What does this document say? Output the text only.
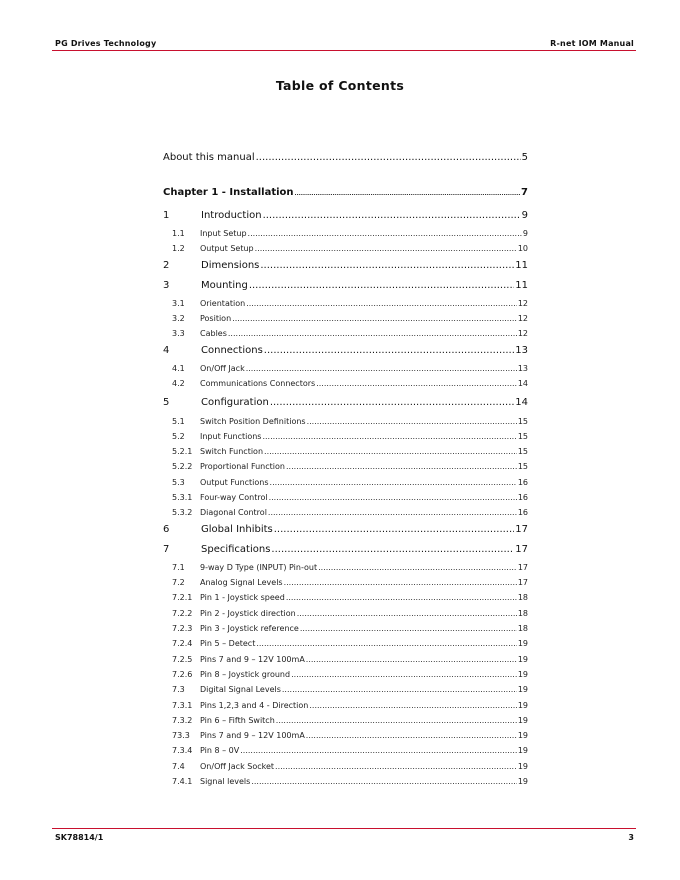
PG Drives Technology	R-net IOM Manual
Table of Contents
About this manual .....	5
Chapter 1 - Installation .....	7
1	Introduction .....	9
1.1	Input Setup .....	9
1.2	Output Setup .....	10
2	Dimensions .....	11
3	Mounting .....	11
3.1	Orientation .....	12
3.2	Position .....	12
3.3	Cables .....	12
4	Connections .....	13
4.1	On/Off Jack .....	13
4.2	Communications Connectors .....	14
5	Configuration .....	14
5.1	Switch Position Definitions .....	15
5.2	Input Functions .....	15
5.2.1 Switch Function .....	15
5.2.2 Proportional Function .....	15
5.3	Output Functions .....	16
5.3.1 Four-way Control .....	16
5.3.2 Diagonal Control .....	16
6	Global Inhibits .....	17
7	Specifications .....	17
7.1	9-way D Type (INPUT) Pin-out .....	17
7.2	Analog Signal Levels .....	17
7.2.1 Pin 1 - Joystick speed .....	18
7.2.2 Pin 2 - Joystick direction .....	18
7.2.3 Pin 3 - Joystick reference .....	18
7.2.4 Pin 5 – Detect .....	19
7.2.5 Pins 7 and 9 – 12V 100mA .....	19
7.2.6 Pin 8 – Joystick ground .....	19
7.3	Digital Signal Levels .....	19
7.3.1 Pins 1,2,3 and 4 - Direction .....	19
7.3.2 Pin 6 – Fifth Switch .....	19
73.3	Pins 7 and 9 – 12V 100mA .....	19
7.3.4 Pin 8 – 0V .....	19
7.4	On/Off Jack Socket .....	19
7.4.1 Signal levels .....	19
SK78814/1	3
